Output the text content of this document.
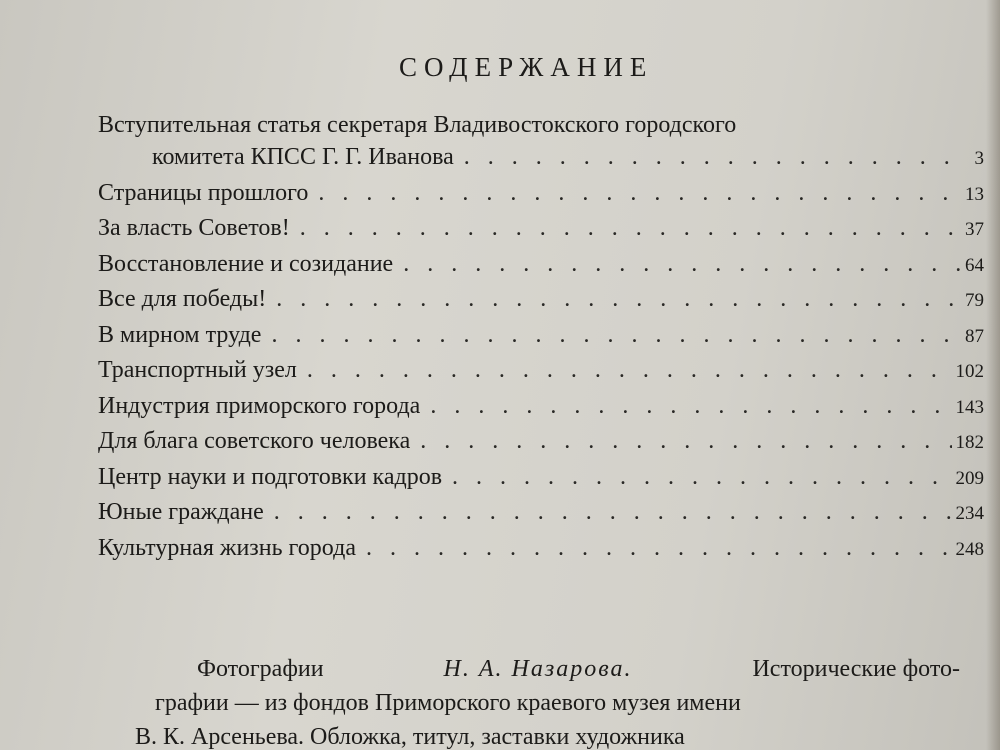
СОДЕРЖАНИЕ
Вступительная статья секретаря Владивостокского городского
комитета КПСС Г. Г. Иванова . . .	3
Страницы прошлого . . .	13
За власть Советов! . . .	37
Восстановление и созидание . . .	64
Все для победы! . . .	79
В мирном труде . . .	87
Транспортный узел . . .	102
Индустрия приморского города . . .	143
Для блага советского человека . . .	182
Центр науки и подготовки кадров . . .	209
Юные граждане . . .	234
Культурная жизнь города . . .	248
Фотографии	Н. А. Назарова.	Исторические фото-
графии — из фондов Приморского краевого музея имени
В. К. Арсеньева. Обложка, титул, заставки художника
